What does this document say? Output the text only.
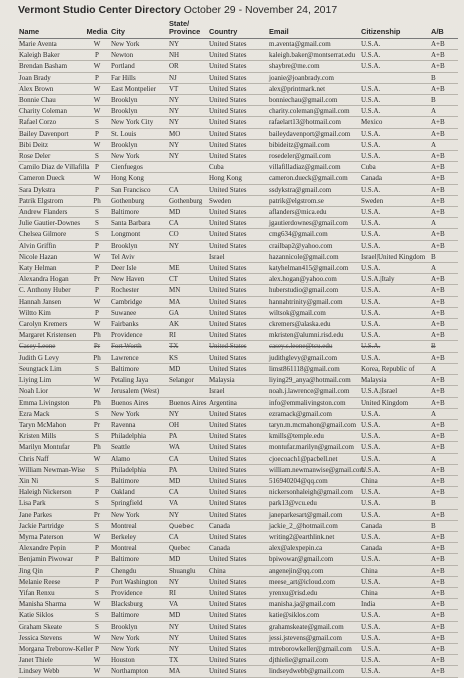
Vermont Studio Center Directory October 29 - November 24, 2017
Name	Media	City	State/ Province	Country	Email	Citizenship	A/B
Marie Aventa	W	New York	NY	United States	m.aventa@gmail.com	U.S.A.	A+B
Kaleigh Baker	P	Newton	NH	United States	kaleigh.baker@montserrat.edu	U.S.A.	A+B
Brendan Basham	W	Portland	OR	United States	shaybre@me.com	U.S.A.	A+B
Joan Brady	P	Far Hills	NJ	United States	joanie@joanbrady.com		B
Alex Brown	W	East Montpelier	VT	United States	alex@printmark.net	U.S.A.	A+B
Bonnie Chau	W	Brooklyn	NY	United States	bonniechau@gmail.com	U.S.A.	B
Charity Coleman	W	Brooklyn	NY	United States	charity.coleman@gmail.com	U.S.A.	A
Rafael Corzo	S	New York City	NY	United States	rafaelart13@hotmail.com	Mexico	A+B
Bailey Davenport	P	St. Louis	MO	United States	baileydavenport@gmail.com	U.S.A.	A+B
Bibi Deitz	W	Brooklyn	NY	United States	bibideitz@gmail.com	U.S.A.	A
Rose Deler	S	New York	NY	United States	rosedeler@gmail.com	U.S.A.	A+B
Camilo Diaz de Villafilla	P	Cienfuegos		Cuba	villafilladiaz@gmail.com	Cuba	A+B
Cameron Dueck	W	Hong Kong		Hong Kong	cameron.dueck@gmail.com	Canada	A+B
Sara Dykstra	P	San Francisco	CA	United States	ssdykstra@gmail.com	U.S.A.	A+B
Patrik Elgstrom	Ph	Gothenburg	Gothenburg	Sweden	patrik@elgstrom.se	Sweden	A+B
Andrew Flanders	S	Baltimore	MD	United States	aflanders@mica.edu	U.S.A.	A+B
Julie Gautier-Downes	S	Santa Barbara	CA	United States	jgautierdownes@gmail.com	U.S.A.	A
Chelsea Gilmore	S	Longmont	CO	United States	cmg634@gmail.com	U.S.A.	A+B
Alvin Griffin	P	Brooklyn	NY	United States	crailbap2@yahoo.com	U.S.A.	A+B
Nicole Hazan	W	Tel Aviv		Israel	hazannicole@gmail.com	Israel|United Kingdom	B
Katy Helman	P	Deer Isle	ME	United States	katyhelman415@gmail.com	U.S.A.	A
Alexandra Hogan	Pr	New Haven	CT	United States	alex.hogan@yahoo.com	U.S.A.|Italy	A+B
C. Anthony Huber	P	Rochester	MN	United States	huberstudio@gmail.com	U.S.A.	A+B
Hannah Jansen	W	Cambridge	MA	United States	hannahtrinity@gmail.com	U.S.A.	A+B
Wiltto Kim	P	Suwanee	GA	United States	wiltsok@gmail.com	U.S.A.	A+B
Carolyn Kremers	W	Fairbanks	AK	United States	ckremers@alaska.edu	U.S.A.	A+B
Margaret Kristensen	Ph	Providence	RI	United States	mkristen@alumni.risd.edu	U.S.A.	A+B
Casey Leone	Pr	Fort Worth	TX	United States	casey.s.leone@tcu.edu	U.S.A.	B
Judith G Levy	Ph	Lawrence	KS	United States	judithglevy@gmail.com	U.S.A.	A+B
Seungtack Lim	S	Baltimore	MD	United States	limst861118@gmail.com	Korea, Republic of	A
Liying Lim	W	Petaling Jaya	Selangor	Malaysia	liying29_anya@hotmail.com	Malaysia	A+B
Noah Lior	W	Jerusalem (West)		Israel	noah.j.lawrence@gmail.com	U.S.A.|Israel	A+B
Emma Livingston	Ph	Buenos Aires	Buenos Aires	Argentina	info@emmalivingston.com	United Kingdom	A+B
Ezra Mack	S	New York	NY	United States	ezramack@gmail.com	U.S.A.	A
Taryn McMahon	Pr	Ravenna	OH	United States	taryn.m.mcmahon@gmail.com	U.S.A.	A+B
Kristen Mills	S	Philadelphia	PA	United States	kmills@temple.edu	U.S.A.	A+B
Marilyn Montufar	Ph	Seattle	WA	United States	montufar.marilyn@gmail.com	U.S.A.	A+B
Chris Naff	W	Alamo	CA	United States	cjoecoach1@pacbell.net	U.S.A.	A
William Newman-Wise	S	Philadelphia	PA	United States	william.newmanwise@gmail.com	U.S.A.	A+B
Xin Ni	S	Baltimore	MD	United States	516940204@qq.com	China	A+B
Haleigh Nickerson	P	Oakland	CA	United States	nickersonhaleigh@gmail.com	U.S.A.	A+B
Lisa Park	S	Springfield	VA	United States	park13@vcu.edu	U.S.A.	B
Jane Parkes	Pr	New York	NY	United States	janeparkesart@gmail.com	U.S.A.	A+B
Jackie Partridge	S	Montreal	Quebec	Canada	jackie_2_@hotmail.com	Canada	B
Myrna Paterson	W	Berkeley	CA	United States	writing2@earthlink.net	U.S.A.	A+B
Alexandre Pepin	P	Montreal	Quebec	Canada	alex@alexpepin.ca	Canada	A+B
Benjamin Piwowar	P	Baltimore	MD	United States	bpiwowar@gmail.com	U.S.A.	A+B
Jing Qin	P	Chengdu	Shuanglu	China	angenejin@qq.com	China	A+B
Melanie Reese	P	Port Washington	NY	United States	meese_art@icloud.com	U.S.A.	A+B
Yifan Renxu	S	Providence	RI	United States	yrenxu@risd.edu	China	A+B
Manisha Sharma	W	Blacksburg	VA	United States	manisha.ja@gmail.com	India	A+B
Katie Siklos	S	Baltimore	MD	United States	katie@siklos.com	U.S.A.	A+B
Graham Skeate	S	Brooklyn	NY	United States	grahamskeate@gmail.com	U.S.A.	A+B
Jessica Stevens	W	New York	NY	United States	jessi.jstevens@gmail.com	U.S.A.	A+B
Morgana Treborow-Keller	P	New York	NY	United States	mtreborowkeller@gmail.com	U.S.A.	A+B
Janet Thiele	W	Houston	TX	United States	djthielie@gmail.com	U.S.A.	A+B
Lindsey Webb	W	Northampton	MA	United States	lindseydwebb@gmail.com	U.S.A.	A+B
